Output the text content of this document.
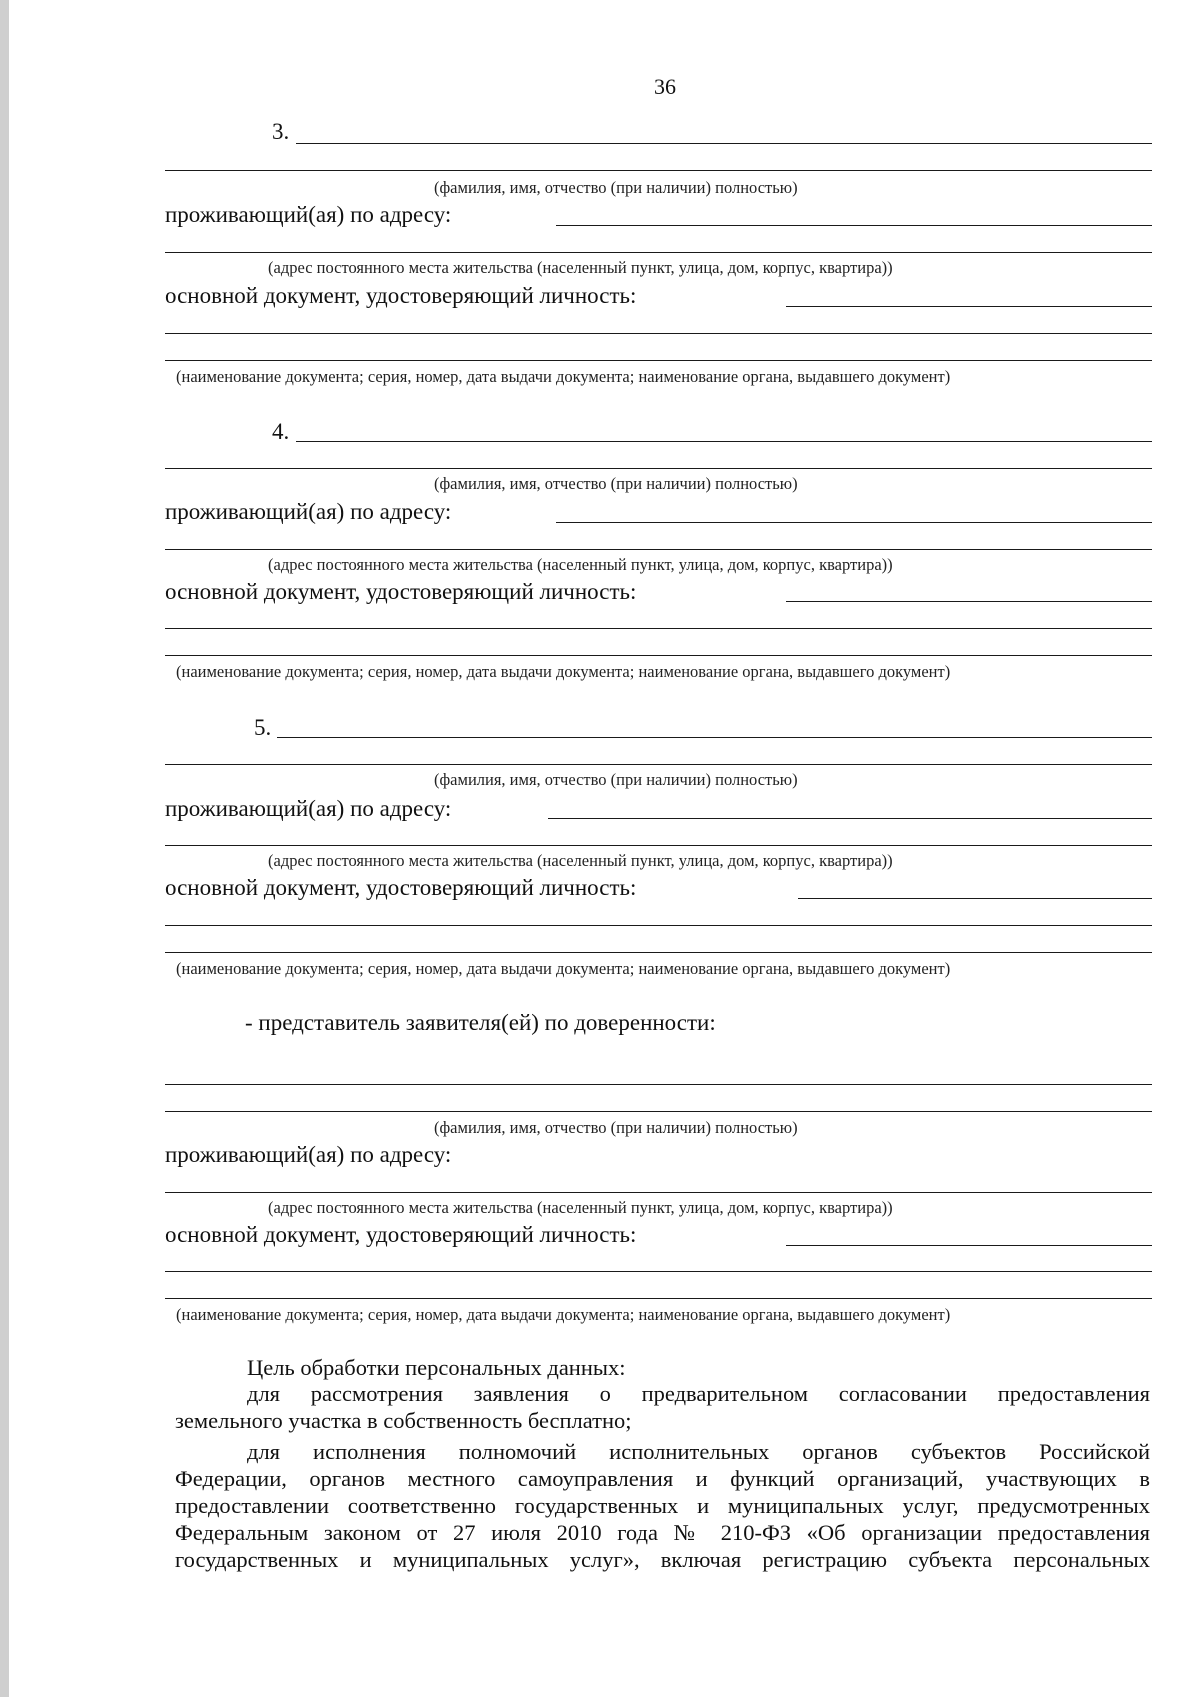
36
3.
(фамилия, имя, отчество (при наличии) полностью)
проживающий(ая) по адресу:
(адрес постоянного места жительства (населенный пункт, улица, дом, корпус, квартира))
основной документ, удостоверяющий личность:
(наименование документа; серия, номер, дата выдачи документа; наименование органа, выдавшего документ)
4.
(фамилия, имя, отчество (при наличии) полностью)
проживающий(ая) по адресу:
(адрес постоянного места жительства (населенный пункт, улица, дом, корпус, квартира))
основной документ, удостоверяющий личность:
(наименование документа; серия, номер, дата выдачи документа; наименование органа, выдавшего документ)
5.
(фамилия, имя, отчество (при наличии) полностью)
проживающий(ая) по адресу:
(адрес постоянного места жительства (населенный пункт, улица, дом, корпус, квартира))
основной документ, удостоверяющий личность:
(наименование документа; серия, номер, дата выдачи документа; наименование органа, выдавшего документ)
- представитель заявителя(ей) по доверенности:
(фамилия, имя, отчество (при наличии) полностью)
проживающий(ая) по адресу:
(адрес постоянного места жительства (населенный пункт, улица, дом, корпус, квартира))
основной документ, удостоверяющий личность:
(наименование документа; серия, номер, дата выдачи документа; наименование органа, выдавшего документ)
Цель обработки персональных данных:
для рассмотрения заявления о предварительном согласовании предоставления
земельного участка в собственность бесплатно;
для исполнения полномочий исполнительных органов субъектов Российской
Федерации, органов местного самоуправления и функций организаций, участвующих в
предоставлении соответственно государственных и муниципальных услуг, предусмотренных
Федеральным законом от 27 июля 2010 года № 210-ФЗ «Об организации предоставления
государственных и муниципальных услуг», включая регистрацию субъекта персональных
